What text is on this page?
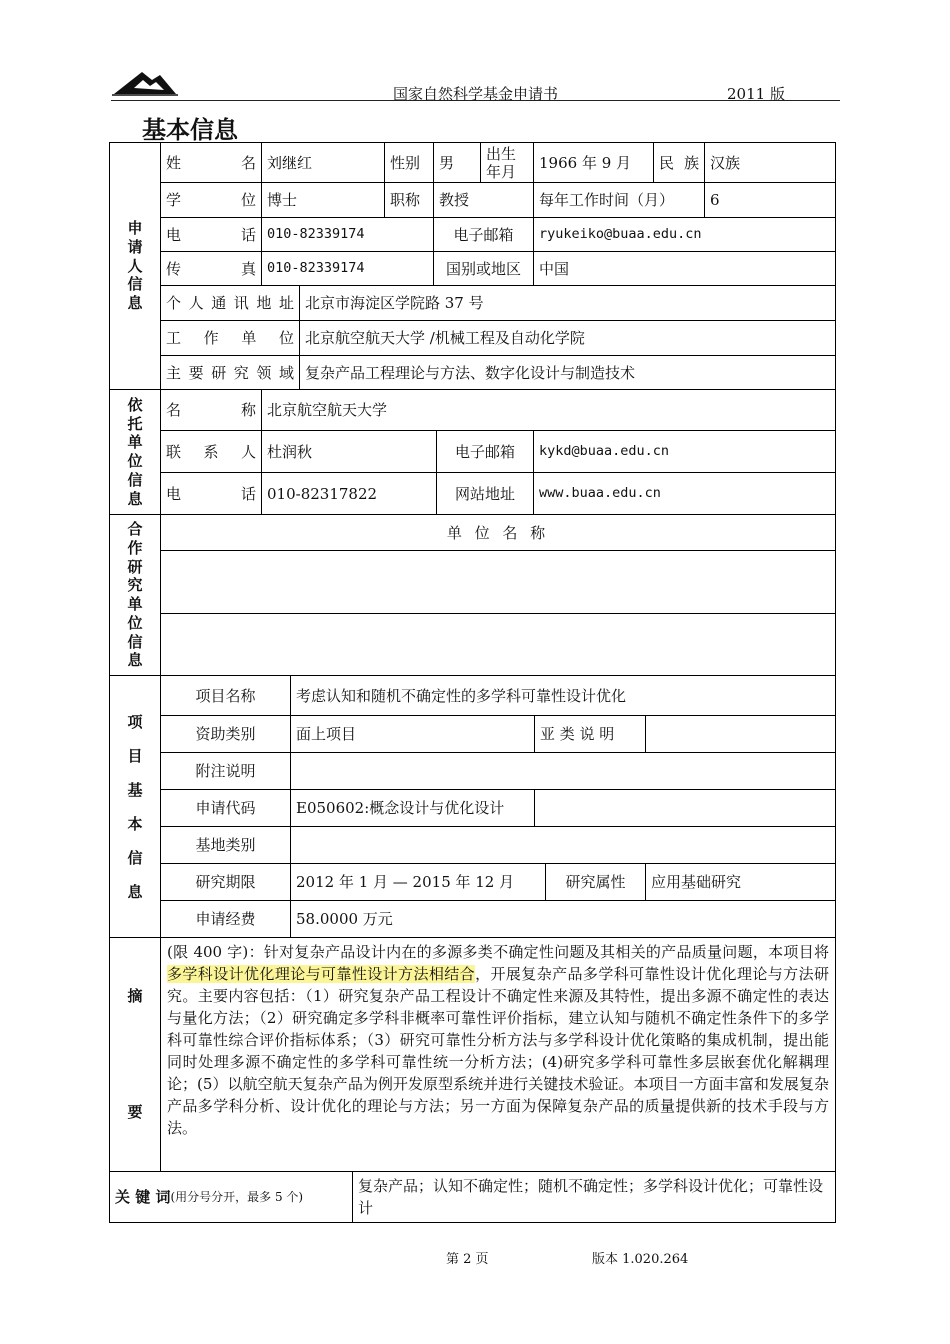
国家自然科学基金申请书	2011 版
基本信息
申请人信息
姓	名 刘继红	性别	男	出生年月	1966 年 9 月	民 族 汉族
学	位 博士	职称	教授	每年工作时间（月）	6
电	话 010-82339174	电子邮箱	ryukeiko@buaa.edu.cn
传	真 010-82339174	国别或地区	中国
个 人 通 讯 地 址 北京市海淀区学院路 37 号
工 作 单 位 北京航空航天大学 /机械工程及自动化学院
主 要 研 究 领 域 复杂产品工程理论与方法、数字化设计与制造技术
依托单位信息
名	称 北京航空航天大学
联 系 人 杜润秋	电子邮箱	kykd@buaa.edu.cn
电	话 010-82317822	网站地址	www.buaa.edu.cn
合作研究单位信息
单 位 名 称
项目基本信息
项目名称	考虑认知和随机不确定性的多学科可靠性设计优化
资助类别	面上项目	亚 类 说 明
附注说明
申请代码	E050602:概念设计与优化设计
基地类别
研究期限	2012 年 1 月 — 2015 年 12 月	研究属性	应用基础研究
申请经费	58.0000 万元
摘
要
(限 400 字)：针对复杂产品设计内在的多源多类不确定性问题及其相关的产品质量问题，本项目将多学科设计优化理论与可靠性设计方法相结合，开展复杂产品多学科可靠性设计优化理论与方法研究。主要内容包括：（1）研究复杂产品工程设计不确定性来源及其特性，提出多源不确定性的表达与量化方法；（2）研究确定多学科非概率可靠性评价指标，建立认知与随机不确定性条件下的多学科可靠性综合评价指标体系；（3）研究可靠性分析方法与多学科设计优化策略的集成机制，提出能同时处理多源不确定性的多学科可靠性统一分析方法；(4)研究多学科可靠性多层嵌套优化解耦理论；(5）以航空航天复杂产品为例开发原型系统并进行关键技术验证。本项目一方面丰富和发展复杂产品多学科分析、设计优化的理论与方法；另一方面为保障复杂产品的质量提供新的技术手段与方法。
关 键 词 (用分号分开，最多 5 个)
复杂产品；认知不确定性；随机不确定性；多学科设计优化；可靠性设计
第 2 页	版本 1.020.264
